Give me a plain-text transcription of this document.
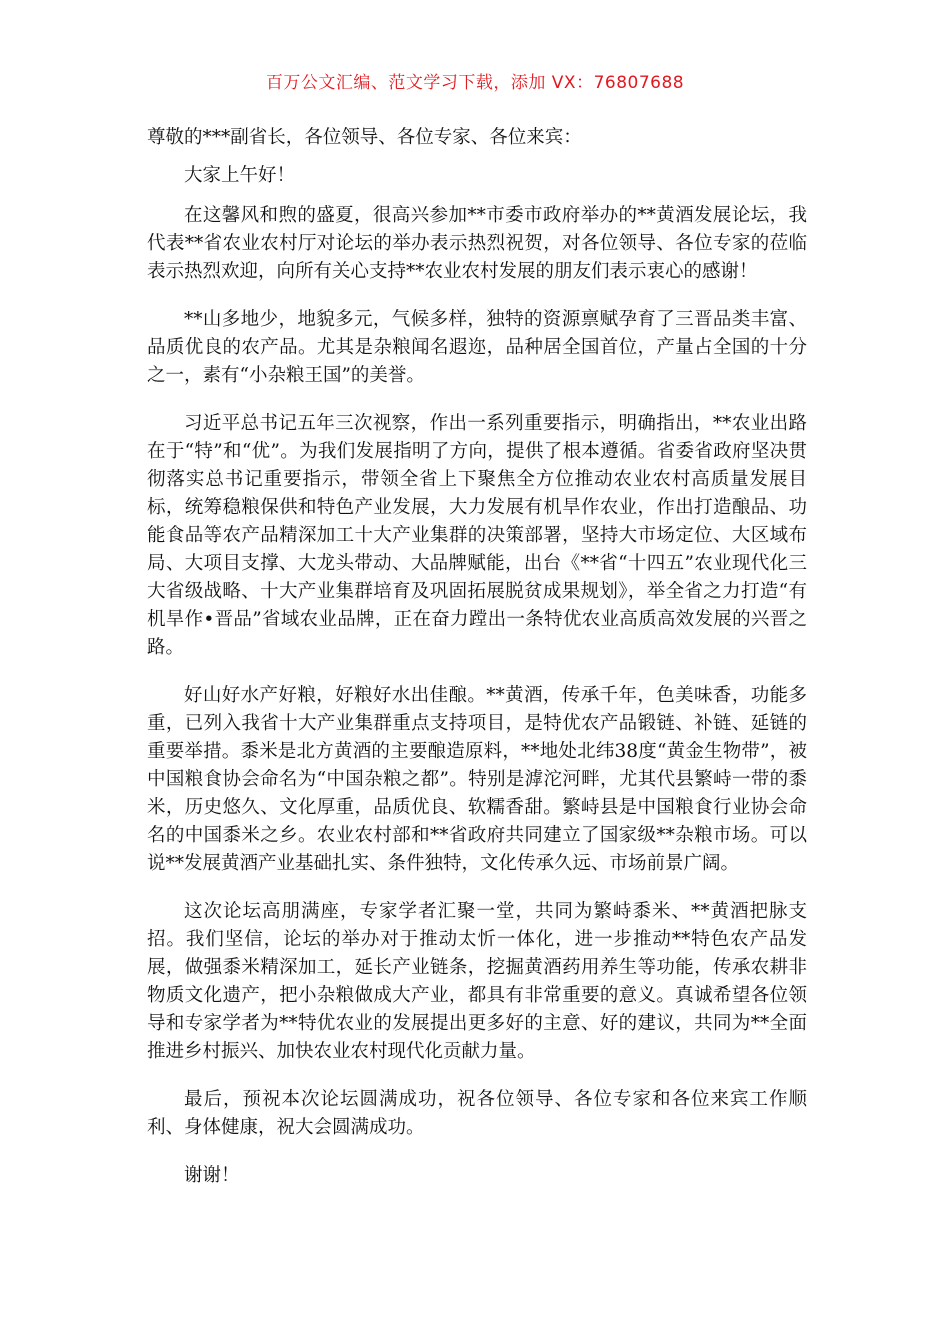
百万公文汇编、范文学习下载，添加 VX：76807688

尊敬的***副省长，各位领导、各位专家、各位来宾：

大家上午好！

在这馨风和煦的盛夏，很高兴参加**市委市政府举办的**黄酒发展论坛，我代表**省农业农村厅对论坛的举办表示热烈祝贺，对各位领导、各位专家的莅临表示热烈欢迎，向所有关心支持**农业农村发展的朋友们表示衷心的感谢！

**山多地少，地貌多元，气候多样，独特的资源禀赋孕育了三晋品类丰富、品质优良的农产品。尤其是杂粮闻名遐迩，品种居全国首位，产量占全国的十分之一，素有“小杂粮王国”的美誉。

习近平总书记五年三次视察，作出一系列重要指示，明确指出，**农业出路在于“特”和“优”。为我们发展指明了方向，提供了根本遵循。省委省政府坚决贯彻落实总书记重要指示，带领全省上下聚焦全方位推动农业农村高质量发展目标，统筹稳粮保供和特色产业发展，大力发展有机旱作农业，作出打造酿品、功能食品等农产品精深加工十大产业集群的决策部署，坚持大市场定位、大区域布局、大项目支撑、大龙头带动、大品牌赋能，出台《**省“十四五”农业现代化三大省级战略、十大产业集群培育及巩固拓展脱贫成果规划》，举全省之力打造“有机旱作•晋品”省域农业品牌，正在奋力蹚出一条特优农业高质高效发展的兴晋之路。

好山好水产好粮，好粮好水出佳酿。**黄酒，传承千年，色美味香，功能多重，已列入我省十大产业集群重点支持项目，是特优农产品锻链、补链、延链的重要举措。黍米是北方黄酒的主要酿造原料，**地处北纬38度“黄金生物带”，被中国粮食协会命名为“中国杂粮之都”。特别是滹沱河畔，尤其代县繁峙一带的黍米，历史悠久、文化厚重，品质优良、软糯香甜。繁峙县是中国粮食行业协会命名的中国黍米之乡。农业农村部和**省政府共同建立了国家级**杂粮市场。可以说**发展黄酒产业基础扎实、条件独特，文化传承久远、市场前景广阔。

这次论坛高朋满座，专家学者汇聚一堂，共同为繁峙黍米、**黄酒把脉支招。我们坚信，论坛的举办对于推动太忻一体化，进一步推动**特色农产品发展，做强黍米精深加工，延长产业链条，挖掘黄酒药用养生等功能，传承农耕非物质文化遗产，把小杂粮做成大产业，都具有非常重要的意义。真诚希望各位领导和专家学者为**特优农业的发展提出更多好的主意、好的建议，共同为**全面推进乡村振兴、加快农业农村现代化贡献力量。

最后，预祝本次论坛圆满成功，祝各位领导、各位专家和各位来宾工作顺利、身体健康，祝大会圆满成功。

谢谢！
